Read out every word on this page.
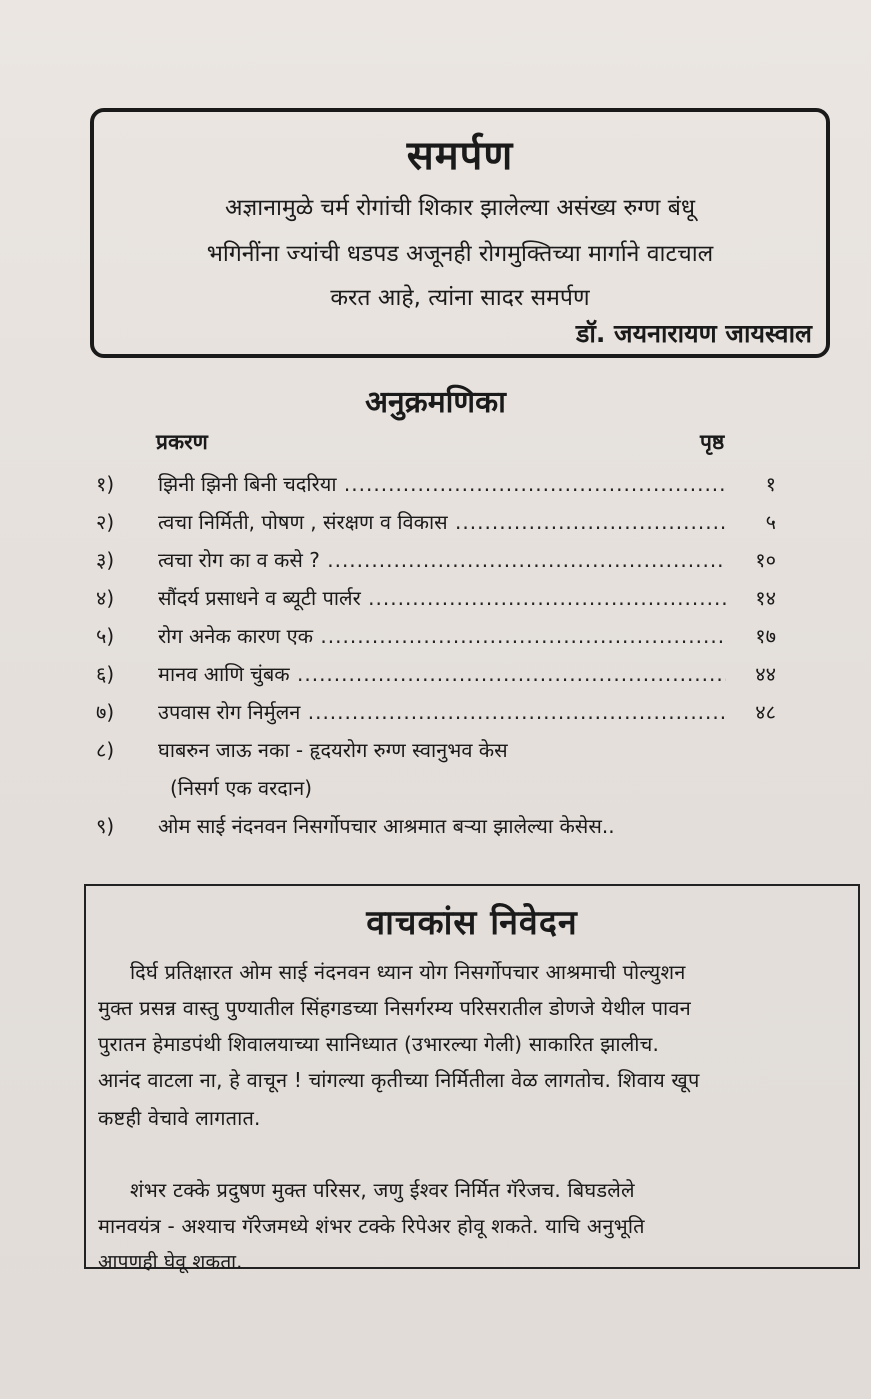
समर्पण
अज्ञानामुळे चर्म रोगांची शिकार झालेल्या असंख्य रुग्ण बंधू
भगिनींना ज्यांची धडपड अजूनही रोगमुक्तिच्या मार्गाने वाटचाल
करत आहे, त्यांना सादर समर्पण
डॉ. जयनारायण जायस्वाल
अनुक्रमणिका
प्रकरण	पृष्ठ
१)	झिनी झिनी बिनी चदरिया .....	१
२)	त्वचा निर्मिती, पोषण , संरक्षण व विकास .....	५
३)	त्वचा रोग का व कसे ? .....	१०
४)	सौंदर्य प्रसाधने व ब्यूटी पार्लर .....	१४
५)	रोग अनेक कारण एक .....	१७
६)	मानव आणि चुंबक .....	४४
७)	उपवास रोग निर्मुलन .....	४८
८)	घाबरुन जाऊ नका - हृदयरोग रुग्ण स्वानुभव केस
(निसर्ग एक वरदान)
९)	ओम साई नंदनवन निसर्गोपचार आश्रमात बऱ्या झालेल्या केसेस..
वाचकांस निवेदन
दिर्घ प्रतिक्षारत ओम साई नंदनवन ध्यान योग निसर्गोपचार आश्रमाची पोल्युशन
मुक्त प्रसन्न वास्तु पुण्यातील सिंहगडच्या निसर्गरम्य परिसरातील डोणजे येथील पावन
पुरातन हेमाडपंथी शिवालयाच्या सानिध्यात (उभारल्या गेली) साकारित झालीच.
आनंद वाटला ना, हे वाचून ! चांगल्या कृतीच्या निर्मितीला वेळ लागतोच. शिवाय खूप
कष्टही वेचावे लागतात.
शंभर टक्के प्रदुषण मुक्त परिसर, जणु ईश्वर निर्मित गॅरेजच. बिघडलेले
मानवयंत्र - अश्याच गॅरेजमध्ये शंभर टक्के रिपेअर होवू शकते. याचि अनुभूति
आपणही घेवू शकता.
